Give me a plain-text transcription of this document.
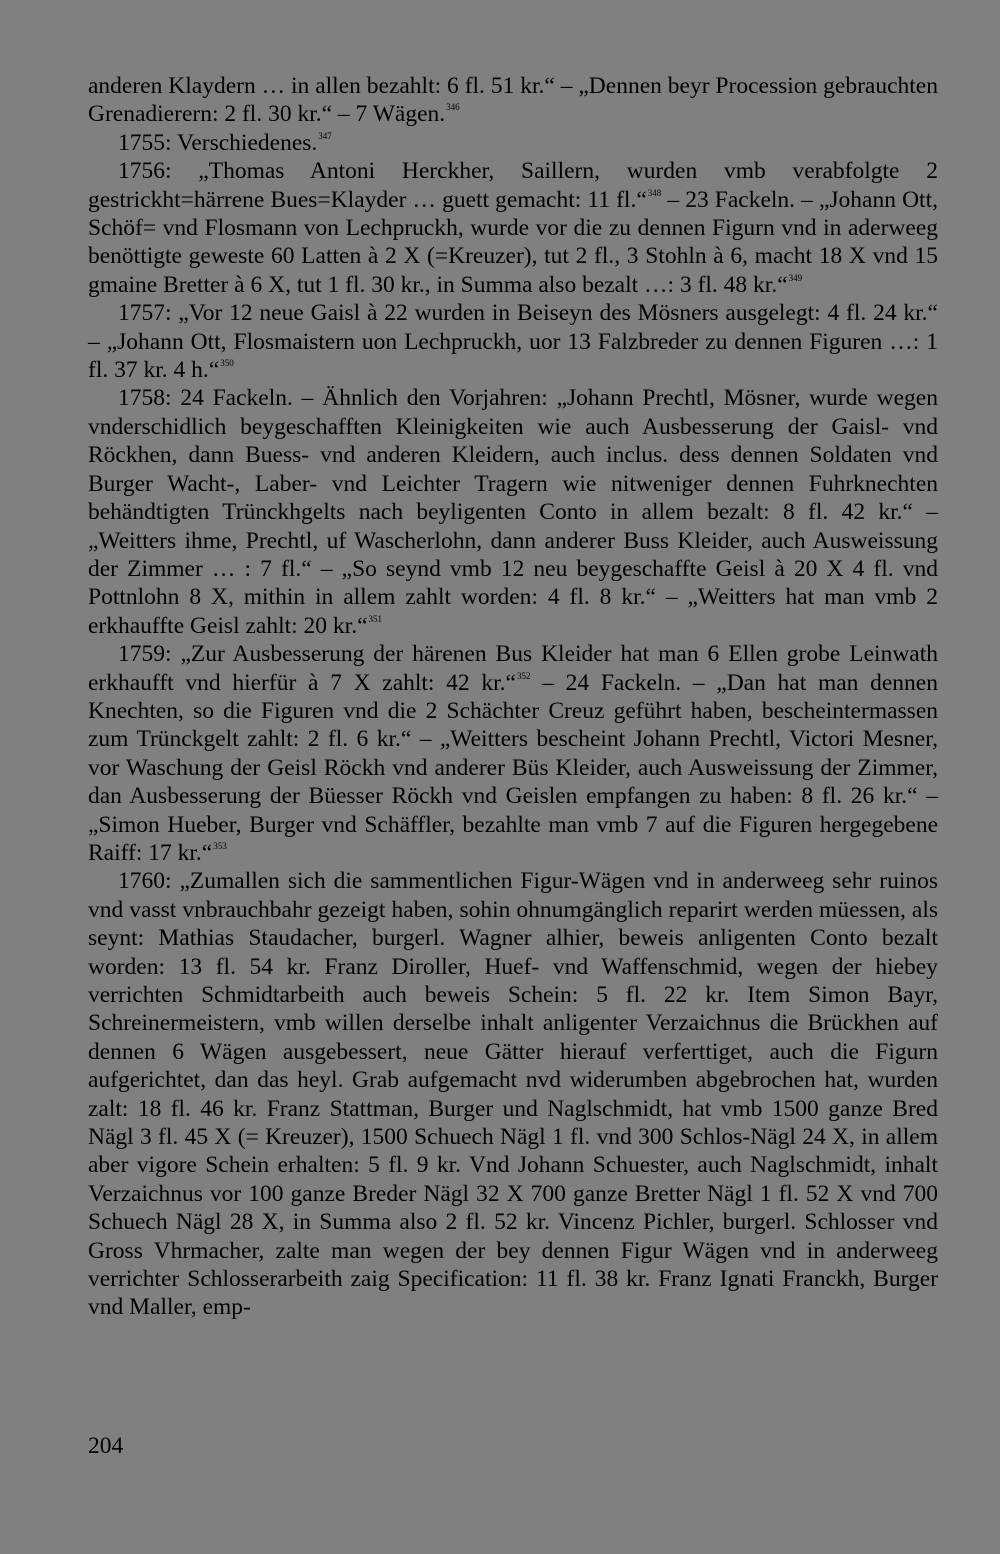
anderen Klaydern … in allen bezahlt: 6 fl. 51 kr.“ – „Dennen beyr Procession gebrauchten Grenadierern: 2 fl. 30 kr.“ – 7 Wägen.$^{346}$

1755: Verschiedenes.$^{347}$

1756: „Thomas Antoni Herckher, Saillern, wurden vmb verabfolgte 2 gestrickht=härrene Bues=Klayder … guett gemacht: 11 fl.“$^{348}$ – 23 Fackeln. – „Johann Ott, Schöf= vnd Flosmann von Lechpruckh, wurde vor die zu dennen Figurn vnd in aderweeg benöttigte geweste 60 Latten à 2 X (=Kreuzer), tut 2 fl., 3 Stohln à 6, macht 18 X vnd 15 gmaine Bretter à 6 X, tut 1 fl. 30 kr., in Summa also bezalt …: 3 fl. 48 kr.“$^{349}$

1757: „Vor 12 neue Gaisl à 22 wurden in Beiseyn des Mösners ausgelegt: 4 fl. 24 kr.“ – „Johann Ott, Flosmaistern uon Lechpruckh, uor 13 Falzbreder zu dennen Figuren …: 1 fl. 37 kr. 4 h.“$^{350}$

1758: 24 Fackeln. – Ähnlich den Vorjahren: „Johann Prechtl, Mösner, wurde wegen vnderschidlich beygeschafften Kleinigkeiten wie auch Ausbesserung der Gaisl- vnd Röckhen, dann Buess- vnd anderen Kleidern, auch inclus. dess dennen Soldaten vnd Burger Wacht-, Laber- vnd Leichter Tragern wie nitweniger dennen Fuhrknechten behändtigten Trünckhgelts nach beyligenten Conto in allem bezalt: 8 fl. 42 kr.“ – „Weitters ihme, Prechtl, uf Wascherlohn, dann anderer Buss Kleider, auch Ausweissung der Zimmer … : 7 fl.“ – „So seynd vmb 12 neu beygeschaffte Geisl à 20 X 4 fl. vnd Pottnlohn 8 X, mithin in allem zahlt worden: 4 fl. 8 kr.“ – „Weitters hat man vmb 2 erkhauffte Geisl zahlt: 20 kr.“$^{351}$

1759: „Zur Ausbesserung der härenen Bus Kleider hat man 6 Ellen grobe Leinwath erkhaufft vnd hierfür à 7 X zahlt: 42 kr.“$^{352}$ – 24 Fackeln. – „Dan hat man dennen Knechten, so die Figuren vnd die 2 Schächter Creuz geführt haben, bescheintermassen zum Trünckgelt zahlt: 2 fl. 6 kr.“ – „Weitters bescheint Johann Prechtl, Victori Mesner, vor Waschung der Geisl Röckh vnd anderer Büs Kleider, auch Ausweissung der Zimmer, dan Ausbesserung der Büesser Röckh vnd Geislen empfangen zu haben: 8 fl. 26 kr.“ – „Simon Hueber, Burger vnd Schäffler, bezahlte man vmb 7 auf die Figuren hergegebene Raiff: 17 kr.“$^{353}$

1760: „Zumallen sich die sammentlichen Figur-Wägen vnd in anderweeg sehr ruinos vnd vasst vnbrauchbahr gezeigt haben, sohin ohnumgänglich reparirt werden müessen, als seynt: Mathias Staudacher, burgerl. Wagner alhier, beweis anligenten Conto bezalt worden: 13 fl. 54 kr. Franz Diroller, Huef- vnd Waffenschmid, wegen der hiebey verrichten Schmidtarbeith auch beweis Schein: 5 fl. 22 kr. Item Simon Bayr, Schreinermeistern, vmb willen derselbe inhalt anligenter Verzaichnus die Brückhen auf dennen 6 Wägen ausgebessert, neue Gätter hierauf verferttiget, auch die Figurn aufgerichtet, dan das heyl. Grab aufgemacht nvd widerumben abgebrochen hat, wurden zalt: 18 fl. 46 kr. Franz Stattman, Burger und Naglschmidt, hat vmb 1500 ganze Bred Nägl 3 fl. 45 X (= Kreuzer), 1500 Schuech Nägl 1 fl. vnd 300 Schlos-Nägl 24 X, in allem aber vigore Schein erhalten: 5 fl. 9 kr. Vnd Johann Schuester, auch Naglschmidt, inhalt Verzaichnus vor 100 ganze Breder Nägl 32 X 700 ganze Bretter Nägl 1 fl. 52 X vnd 700 Schuech Nägl 28 X, in Summa also 2 fl. 52 kr. Vincenz Pichler, burgerl. Schlosser vnd Gross Vhrmacher, zalte man wegen der bey dennen Figur Wägen vnd in anderweeg verrichter Schlosserarbeith zaig Specification: 11 fl. 38 kr. Franz Ignati Franckh, Burger vnd Maller, emp-

204
